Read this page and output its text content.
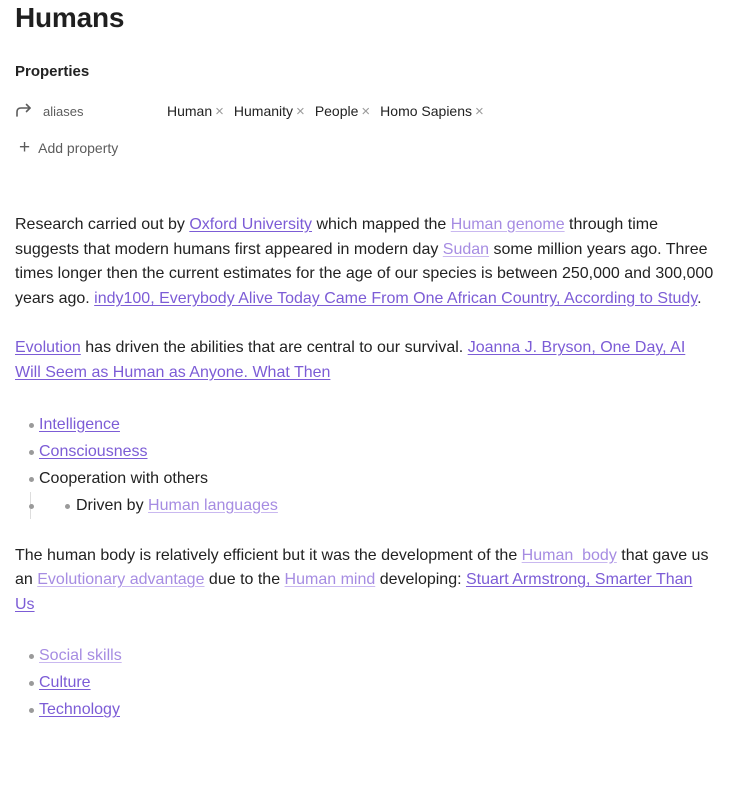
Humans
Properties
aliases	Human × Humanity × People × Homo Sapiens ×
+ Add property

Research carried out by Oxford University which mapped the Human genome through time suggests that modern humans first appeared in modern day Sudan some million years ago. Three times longer then the current estimates for the age of our species is between 250,000 and 300,000 years ago. indy100, Everybody Alive Today Came From One African Country, According to Study.

Evolution has driven the abilities that are central to our survival. Joanna J. Bryson, One Day, AI Will Seem as Human as Anyone. What Then

Intelligence
Consciousness
Cooperation with others
Driven by Human languages

The human body is relatively efficient but it was the development of the Human  body that gave us an Evolutionary advantage due to the Human mind developing: Stuart Armstrong, Smarter Than Us

Social skills
Culture
Technology
